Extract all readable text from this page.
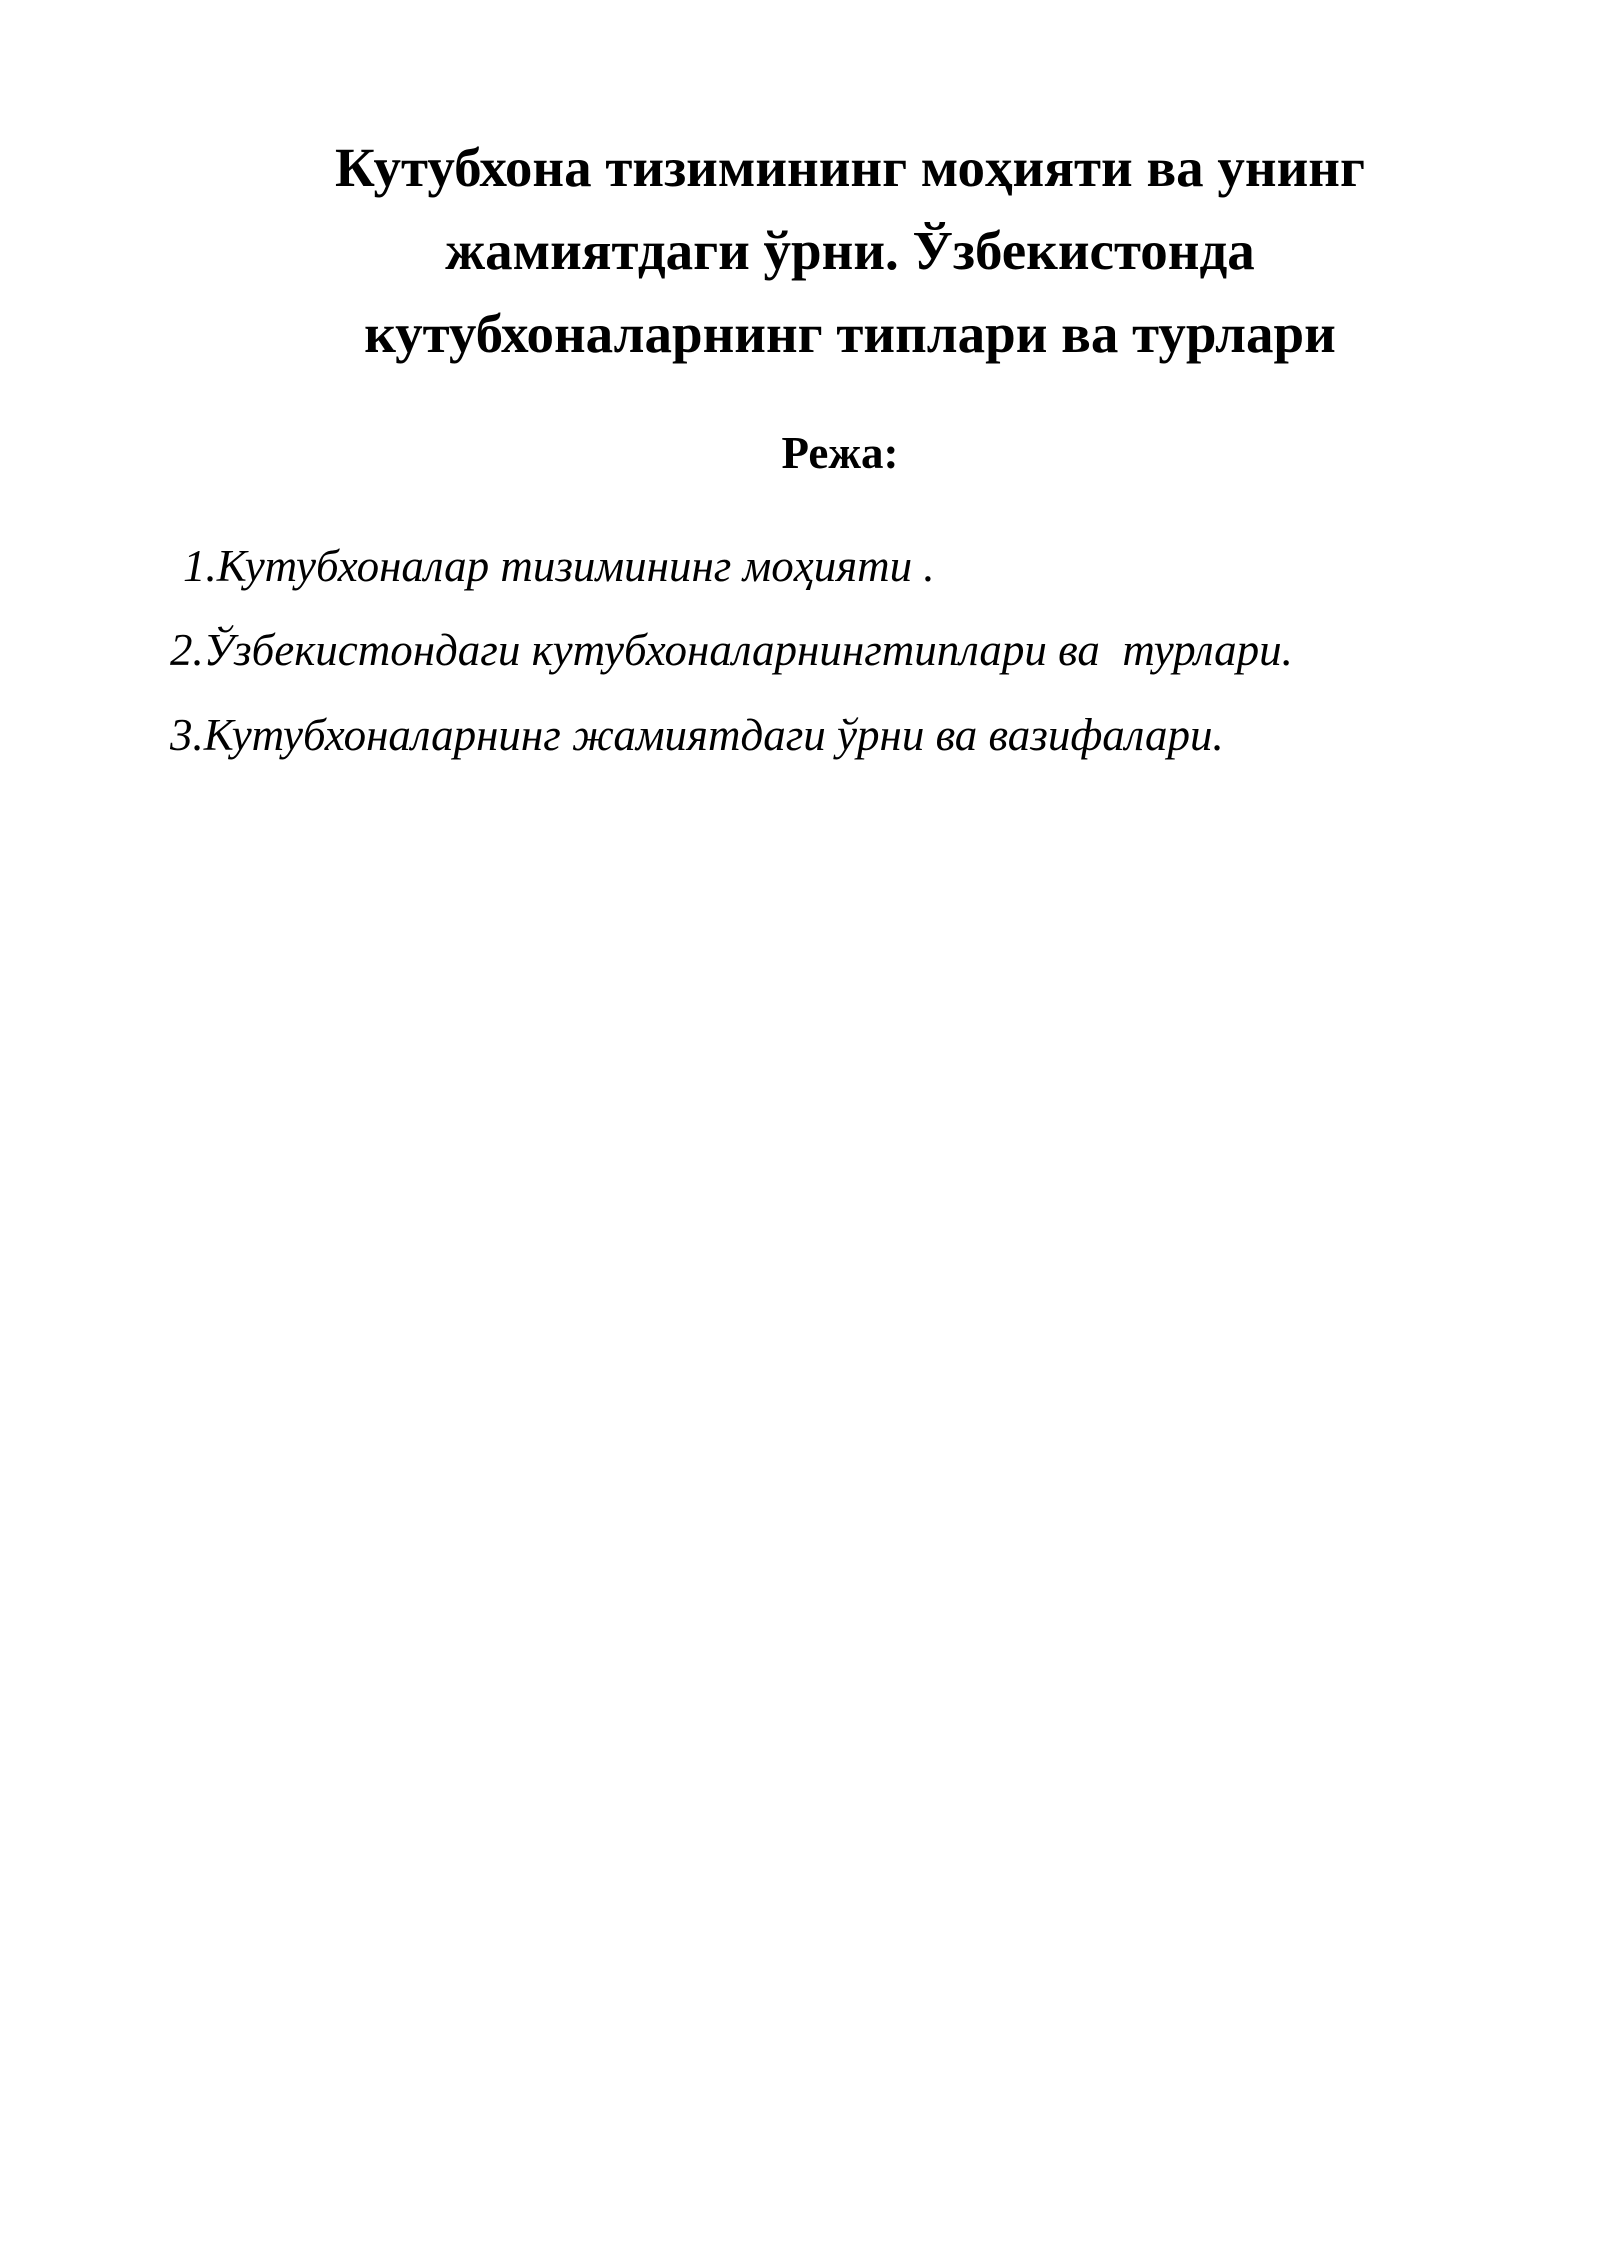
Кутубхона тизимининг моҳияти ва унинг
жамиятдаги ўрни. Ўзбекистонда
кутубхоналарнинг типлари ва турлари
Режа:
1.Кутубхоналар тизимининг моҳияти .
2.Ўзбекистондаги кутубхоналарнингтиплари ва  турлари.
3.Кутубхоналарнинг жамиятдаги ўрни ва вазифалари.
